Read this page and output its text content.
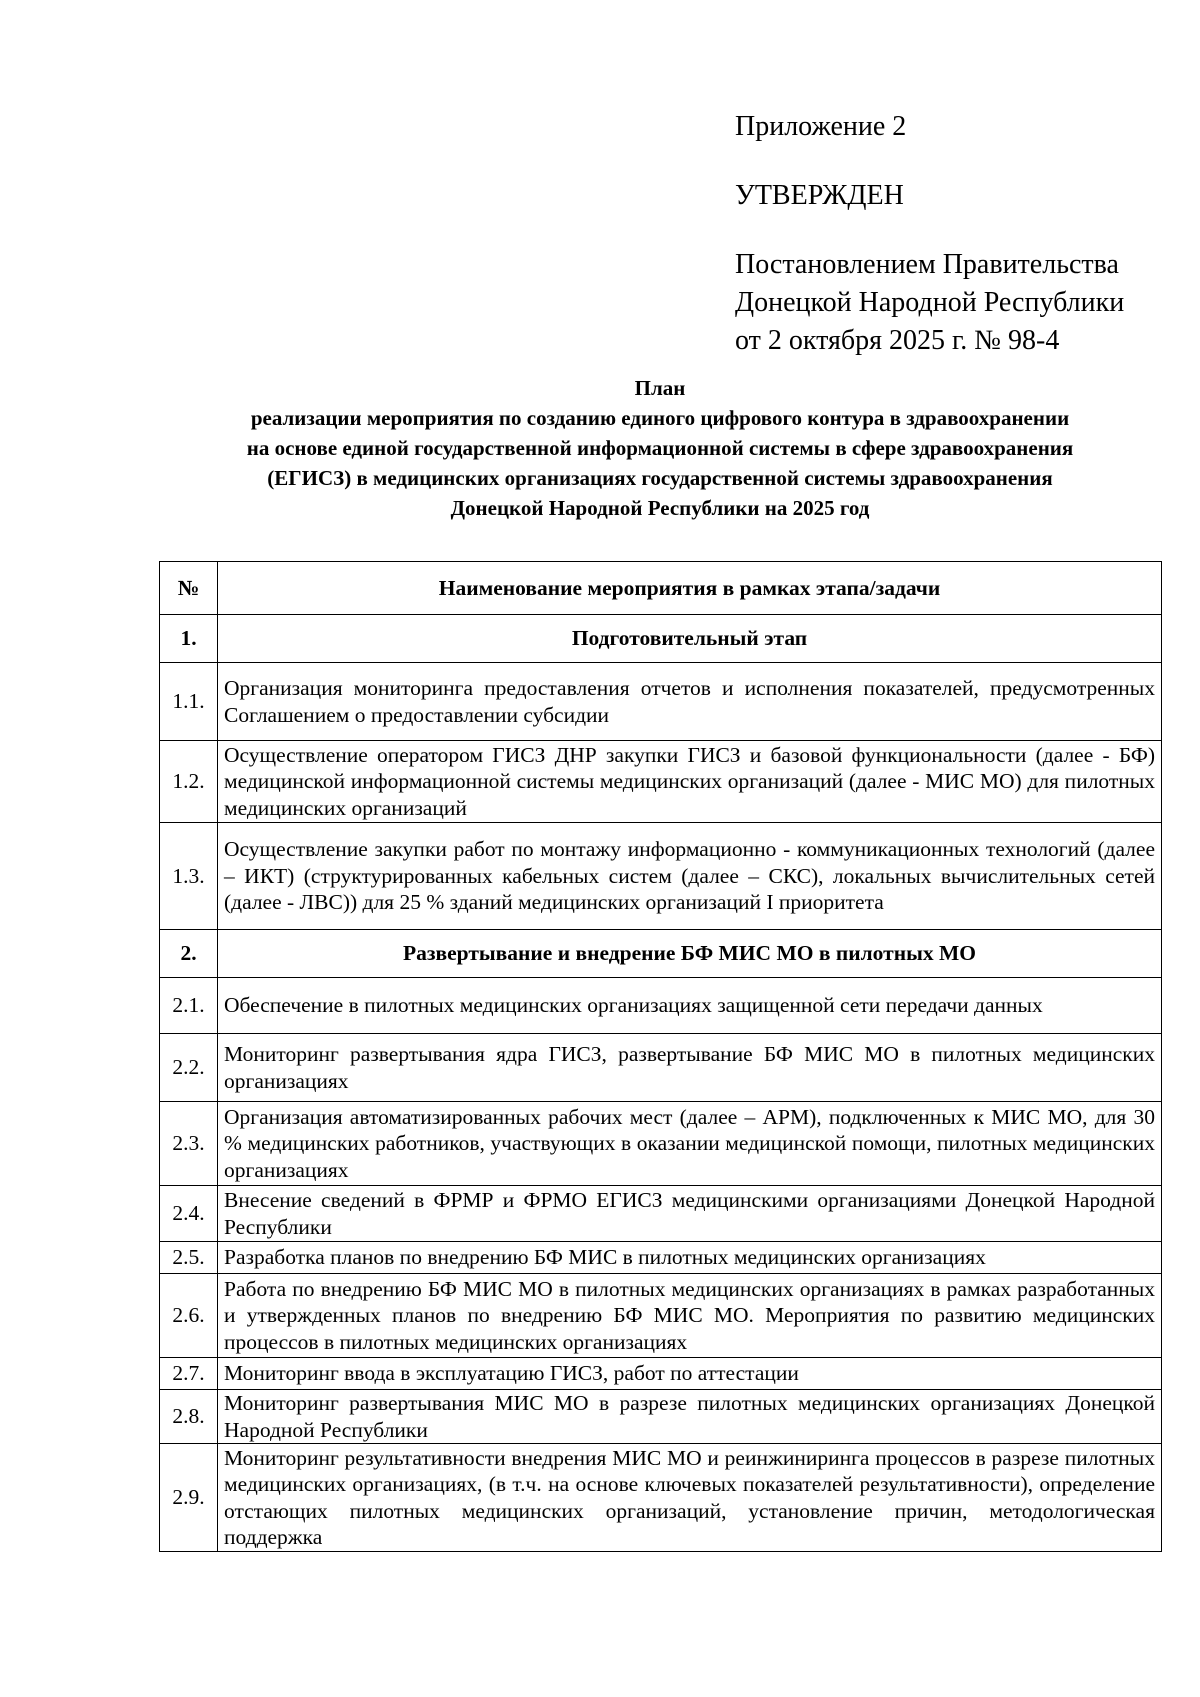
Приложение 2

УТВЕРЖДЕН

Постановлением Правительства

Донецкой Народной Республики

от 2 октября 2025 г. № 98-4

План
реализации мероприятия по созданию единого цифрового контура в здравоохранении
на основе единой государственной информационной системы в сфере здравоохранения
(ЕГИСЗ) в медицинских организациях государственной системы здравоохранения
Донецкой Народной Республики на 2025 год
№	Наименование мероприятия в рамках этапа/задачи
1.	Подготовительный этап
1.1.	Организация мониторинга предоставления отчетов и исполнения показателей, предусмотренных Соглашением о предоставлении субсидии
1.2.	Осуществление оператором ГИСЗ ДНР закупки ГИСЗ и базовой функциональности (далее - БФ) медицинской информационной системы медицинских организаций (далее - МИС МО) для пилотных медицинских организаций
1.3.	Осуществление закупки работ по монтажу информационно - коммуникационных технологий (далее – ИКТ) (структурированных кабельных систем (далее – СКС), локальных вычислительных сетей (далее - ЛВС)) для 25 % зданий медицинских организаций I приоритета
2.	Развертывание и внедрение БФ МИС МО в пилотных МО
2.1.	Обеспечение в пилотных медицинских организациях защищенной сети передачи данных
2.2.	Мониторинг развертывания ядра ГИСЗ, развертывание БФ МИС МО в пилотных медицинских организациях
2.3.	Организация автоматизированных рабочих мест (далее – АРМ), подключенных к МИС МО, для 30 % медицинских работников, участвующих в оказании медицинской помощи, пилотных медицинских организациях
2.4.	Внесение сведений в ФРМР и ФРМО ЕГИСЗ медицинскими организациями Донецкой Народной Республики
2.5.	Разработка планов по внедрению БФ МИС в пилотных медицинских организациях
2.6.	Работа по внедрению БФ МИС МО в пилотных медицинских организациях в рамках разработанных и утвержденных планов по внедрению БФ МИС МО. Мероприятия по развитию медицинских процессов в пилотных медицинских организациях
2.7.	Мониторинг ввода в эксплуатацию ГИСЗ, работ по аттестации
2.8.	Мониторинг развертывания МИС МО в разрезе пилотных медицинских организациях Донецкой Народной Республики
2.9.	Мониторинг результативности внедрения МИС МО и реинжиниринга процессов в разрезе пилотных медицинских организациях, (в т.ч. на основе ключевых показателей результативности), определение отстающих пилотных медицинских организаций, установление причин, методологическая поддержка
